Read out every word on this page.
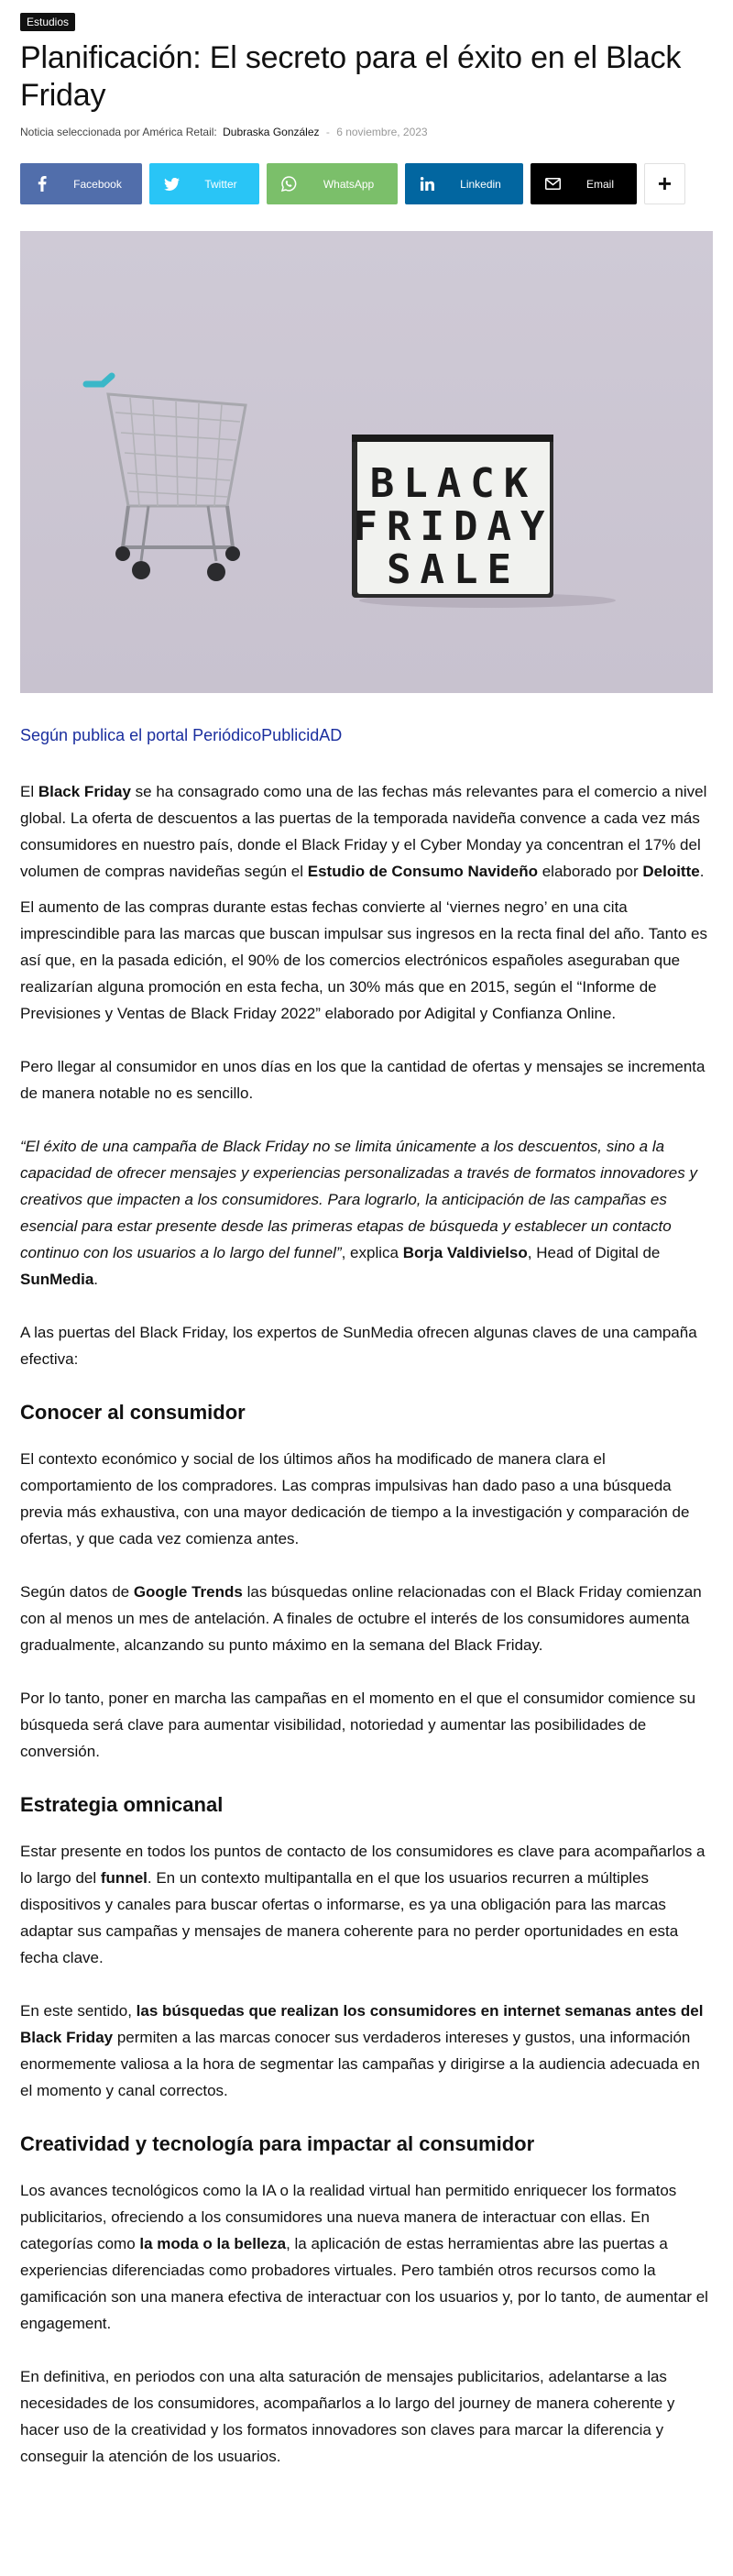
Estudios
Planificación: El secreto para el éxito en el Black Friday
Noticia seleccionada por América Retail: Dubraska González - 6 noviembre, 2023
Facebook	Twitter	WhatsApp	Linkedin	Email	+
BLACK
FRIDAY
SALE

Según publica el portal PeriódicoPublicidAD

El Black Friday se ha consagrado como una de las fechas más relevantes para el comercio a nivel global. La oferta de descuentos a las puertas de la temporada navideña convence a cada vez más consumidores en nuestro país, donde el Black Friday y el Cyber Monday ya concentran el 17% del volumen de compras navideñas según el Estudio de Consumo Navideño elaborado por Deloitte.

El aumento de las compras durante estas fechas convierte al ‘viernes negro’ en una cita imprescindible para las marcas que buscan impulsar sus ingresos en la recta final del año. Tanto es así que, en la pasada edición, el 90% de los comercios electrónicos españoles aseguraban que realizarían alguna promoción en esta fecha, un 30% más que en 2015, según el “Informe de Previsiones y Ventas de Black Friday 2022” elaborado por Adigital y Confianza Online.

Pero llegar al consumidor en unos días en los que la cantidad de ofertas y mensajes se incrementa de manera notable no es sencillo.

“El éxito de una campaña de Black Friday no se limita únicamente a los descuentos, sino a la capacidad de ofrecer mensajes y experiencias personalizadas a través de formatos innovadores y creativos que impacten a los consumidores. Para lograrlo, la anticipación de las campañas es esencial para estar presente desde las primeras etapas de búsqueda y establecer un contacto continuo con los usuarios a lo largo del funnel”, explica Borja Valdivielso, Head of Digital de SunMedia.

A las puertas del Black Friday, los expertos de SunMedia ofrecen algunas claves de una campaña efectiva:

Conocer al consumidor

El contexto económico y social de los últimos años ha modificado de manera clara el comportamiento de los compradores. Las compras impulsivas han dado paso a una búsqueda previa más exhaustiva, con una mayor dedicación de tiempo a la investigación y comparación de ofertas, y que cada vez comienza antes.

Según datos de Google Trends las búsquedas online relacionadas con el Black Friday comienzan con al menos un mes de antelación. A finales de octubre el interés de los consumidores aumenta gradualmente, alcanzando su punto máximo en la semana del Black Friday.

Por lo tanto, poner en marcha las campañas en el momento en el que el consumidor comience su búsqueda será clave para aumentar visibilidad, notoriedad y aumentar las posibilidades de conversión.

Estrategia omnicanal

Estar presente en todos los puntos de contacto de los consumidores es clave para acompañarlos a lo largo del funnel. En un contexto multipantalla en el que los usuarios recurren a múltiples dispositivos y canales para buscar ofertas o informarse, es ya una obligación para las marcas adaptar sus campañas y mensajes de manera coherente para no perder oportunidades en esta fecha clave.

En este sentido, las búsquedas que realizan los consumidores en internet semanas antes del Black Friday permiten a las marcas conocer sus verdaderos intereses y gustos, una información enormemente valiosa a la hora de segmentar las campañas y dirigirse a la audiencia adecuada en el momento y canal correctos.

Creatividad y tecnología para impactar al consumidor

Los avances tecnológicos como la IA o la realidad virtual han permitido enriquecer los formatos publicitarios, ofreciendo a los consumidores una nueva manera de interactuar con ellas. En categorías como la moda o la belleza, la aplicación de estas herramientas abre las puertas a experiencias diferenciadas como probadores virtuales. Pero también otros recursos como la gamificación son una manera efectiva de interactuar con los usuarios y, por lo tanto, de aumentar el engagement.

En definitiva, en periodos con una alta saturación de mensajes publicitarios, adelantarse a las necesidades de los consumidores, acompañarlos a lo largo del journey de manera coherente y hacer uso de la creatividad y los formatos innovadores son claves para marcar la diferencia y conseguir la atención de los usuarios.
